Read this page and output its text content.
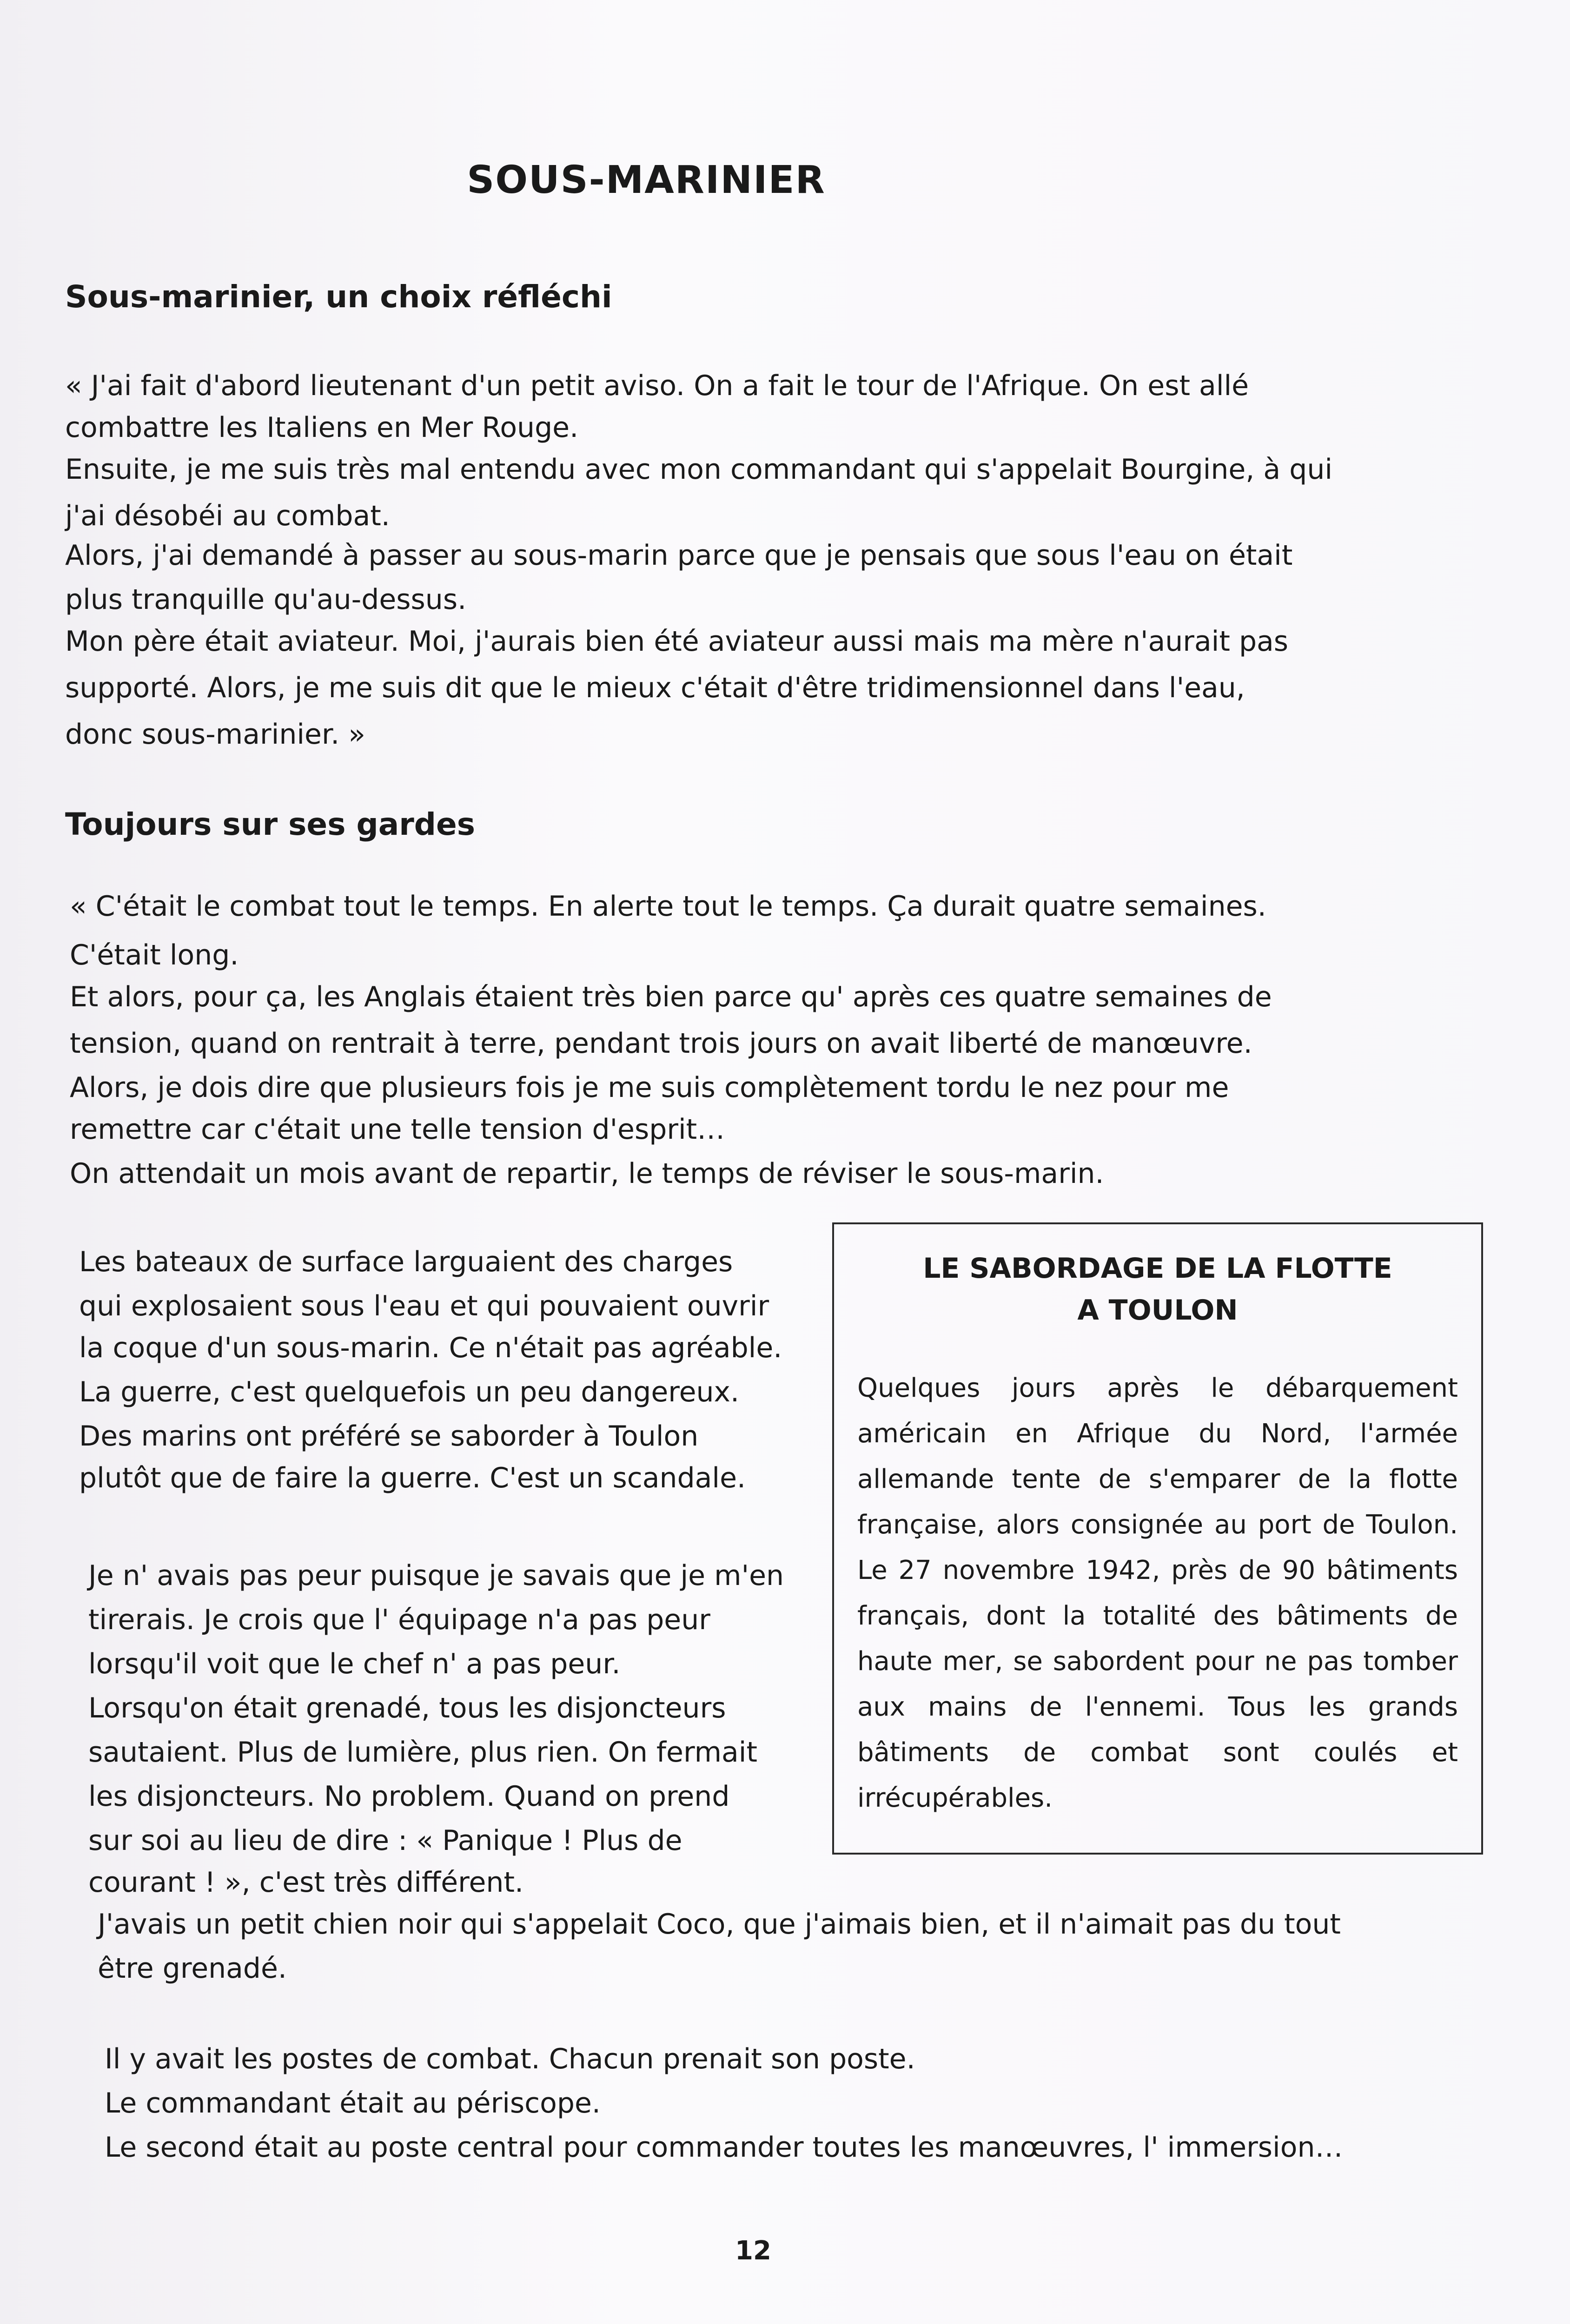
SOUS-MARINIER
Sous-marinier, un choix réfléchi
« J'ai fait d'abord lieutenant d'un petit aviso. On a fait le tour de l'Afrique. On est allé
combattre les Italiens en Mer Rouge.
Ensuite, je me suis très mal entendu avec mon commandant qui s'appelait Bourgine, à qui
j'ai désobéi au combat.
Alors, j'ai demandé à passer au sous-marin parce que je pensais que sous l'eau on était
plus tranquille qu'au-dessus.
Mon père était aviateur. Moi, j'aurais bien été aviateur aussi mais ma mère n'aurait pas
supporté. Alors, je me suis dit que le mieux c'était d'être tridimensionnel dans l'eau,
donc sous-marinier. »
Toujours sur ses gardes
« C'était le combat tout le temps. En alerte tout le temps. Ça durait quatre semaines.
C'était long.
Et alors, pour ça, les Anglais étaient très bien parce qu' après ces quatre semaines de
tension, quand on rentrait à terre, pendant trois jours on avait liberté de manœuvre.
Alors, je dois dire que plusieurs fois je me suis complètement tordu le nez pour me
remettre car c'était une telle tension d'esprit…
On attendait un mois avant de repartir, le temps de réviser le sous-marin.
Les bateaux de surface larguaient des charges
qui explosaient sous l'eau et qui pouvaient ouvrir
la coque d'un sous-marin. Ce n'était pas agréable.
La guerre, c'est quelquefois un peu dangereux.
Des marins ont préféré se saborder à Toulon
plutôt que de faire la guerre. C'est un scandale.
Je n' avais pas peur puisque je savais que je m'en
tirerais. Je crois que l' équipage n'a pas peur
lorsqu'il voit que le chef n' a pas peur.
Lorsqu'on était grenadé, tous les disjoncteurs
sautaient. Plus de lumière, plus rien. On fermait
les disjoncteurs. No problem. Quand on prend
sur soi au lieu de dire : « Panique ! Plus de
courant ! », c'est très différent.
J'avais un petit chien noir qui s'appelait Coco, que j'aimais bien, et il n'aimait pas du tout
être grenadé.
Il y avait les postes de combat. Chacun prenait son poste.
Le commandant était au périscope.
Le second était au poste central pour commander toutes les manœuvres, l' immersion…
LE SABORDAGE DE LA FLOTTE
A TOULON
Quelques jours après le débarquement
américain en Afrique du Nord, l'armée
allemande tente de s'emparer de la flotte
française, alors consignée au port de Toulon.
Le 27 novembre 1942, près de 90 bâtiments
français, dont la totalité des bâtiments de
haute mer, se sabordent pour ne pas tomber
aux mains de l'ennemi. Tous les grands
bâtiments de combat sont coulés et
irrécupérables.
12
